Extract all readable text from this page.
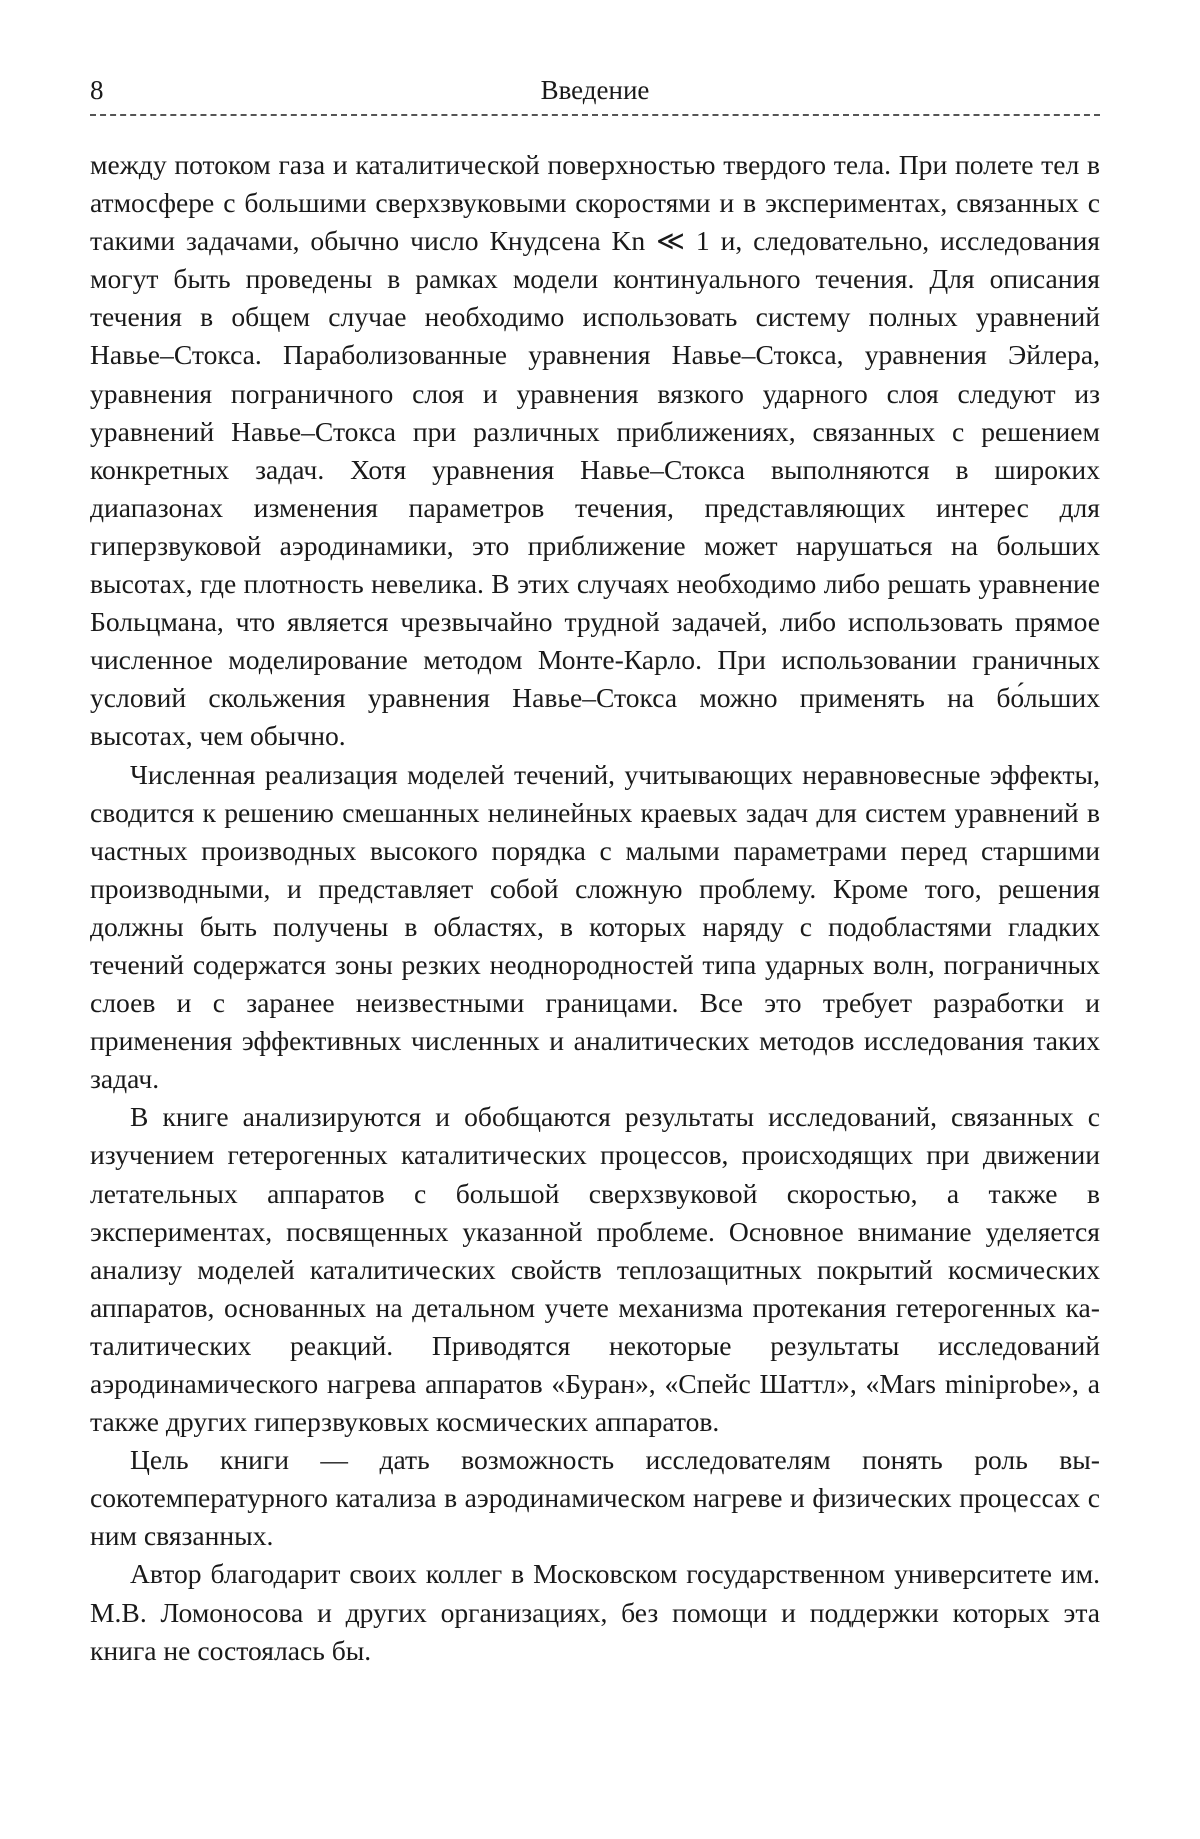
8	Введение

между потоком газа и каталитической поверхностью твердого тела. При полете тел в атмосфере с большими сверхзвуковыми скоростями и в экспериментах, связанных с такими задачами, обычно число Кнудсена Kn ≪ 1 и, следовательно, исследования могут быть проведены в рамках модели континуального течения. Для описания течения в общем случае необходимо использовать систему полных уравнений Навье–Стокса. Параболизованные уравнения Навье–Стокса, уравнения Эйлера, уравнения пограничного слоя и уравнения вязкого ударного слоя следуют из уравнений Навье–Стокса при различных приближениях, связанных с решением конкретных задач. Хотя уравнения Навье–Стокса выполняются в широких диапазонах изменения параметров течения, представляющих интерес для гиперзвуковой аэродинамики, это приближение может нарушаться на больших высотах, где плотность невелика. В этих случаях необходимо либо решать уравнение Больцмана, что является чрезвычайно трудной задачей, либо использовать прямое численное моделирование методом Монте-Карло. При использовании граничных условий скольжения уравнения Навье–Стокса можно применять на бо́льших высотах, чем обычно.

Численная реализация моделей течений, учитывающих неравновесные эффекты, сводится к решению смешанных нелинейных краевых задач для систем уравнений в частных производных высокого порядка с малыми параметрами перед старшими производными, и представляет собой сложную проблему. Кроме того, решения должны быть получены в областях, в которых наряду с подобластями гладких течений содержатся зоны резких неоднородностей типа ударных волн, пограничных слоев и с заранее неизвестными границами. Все это требует разработки и применения эффективных численных и аналитических методов исследования таких задач.

В книге анализируются и обобщаются результаты исследований, связанных с изучением гетерогенных каталитических процессов, происходящих при движении летательных аппаратов с большой сверхзвуковой скоростью, а также в экспериментах, посвященных указанной проблеме. Основное внимание уделяется анализу моделей каталитических свойств теплозащитных покрытий космических аппаратов, основанных на детальном учете механизма протекания гетерогенных каталитических реакций. Приводятся некоторые результаты исследований аэродинамического нагрева аппаратов «Буран», «Спейс Шаттл», «Mars miniprobe», а также других гиперзвуковых космических аппаратов.

Цель книги — дать возможность исследователям понять роль высокотемпературного катализа в аэродинамическом нагреве и физических процессах с ним связанных.

Автор благодарит своих коллег в Московском государственном университете им. М.В. Ломоносова и других организациях, без помощи и поддержки которых эта книга не состоялась бы.
